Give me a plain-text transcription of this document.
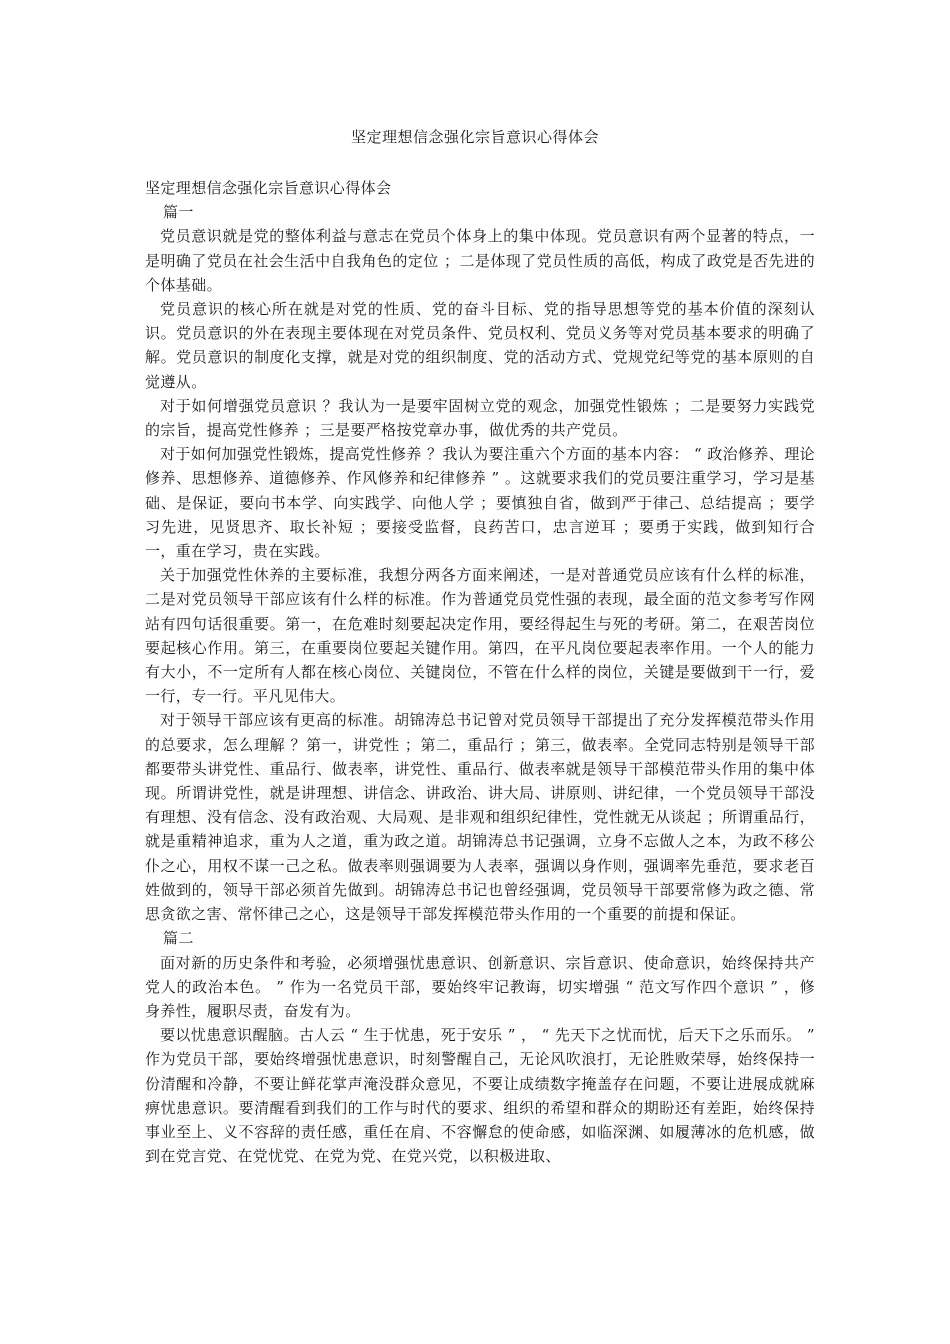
坚定理想信念强化宗旨意识心得体会

坚定理想信念强化宗旨意识心得体会

篇一

党员意识就是党的整体利益与意志在党员个体身上的集中体现。党员意识有两个显著的特点，一是明确了党员在社会生活中自我角色的定位 ；二是体现了党员性质的高低，构成了政党是否先进的个体基础。

党员意识的核心所在就是对党的性质、党的奋斗目标、党的指导思想等党的基本价值的深刻认识。党员意识的外在表现主要体现在对党员条件、党员权利、党员义务等对党员基本要求的明确了解。党员意识的制度化支撑，就是对党的组织制度、党的活动方式、党规党纪等党的基本原则的自觉遵从。

对于如何增强党员意识 ？我认为一是要牢固树立党的观念，加强党性锻炼 ；二是要努力实践党的宗旨，提高党性修养 ；三是要严格按党章办事，做优秀的共产党员。

对于如何加强党性锻炼，提高党性修养 ？我认为要注重六个方面的基本内容： “ 政治修养、理论修养、思想修养、道德修养、作风修养和纪律修养 ” 。这就要求我们的党员要注重学习，学习是基础、是保证，要向书本学、向实践学、向他人学 ；要慎独自省，做到严于律己、总结提高 ；要学习先进，见贤思齐、取长补短 ；要接受监督，良药苦口，忠言逆耳 ；要勇于实践，做到知行合一，重在学习，贵在实践。

关于加强党性休养的主要标准，我想分两各方面来阐述，一是对普通党员应该有什么样的标准，二是对党员领导干部应该有什么样的标准。作为普通党员党性强的表现，最全面的范文参考写作网站有四句话很重要。第一，在危难时刻要起决定作用，要经得起生与死的考研。第二，在艰苦岗位要起核心作用。第三，在重要岗位要起关键作用。第四，在平凡岗位要起表率作用。一个人的能力有大小，不一定所有人都在核心岗位、关键岗位，不管在什么样的岗位，关键是要做到干一行，爱一行，专一行。平凡见伟大。

对于领导干部应该有更高的标准。胡锦涛总书记曾对党员领导干部提出了充分发挥模范带头作用的总要求，怎么理解 ？第一，讲党性 ；第二，重品行 ；第三，做表率。全党同志特别是领导干部都要带头讲党性、重品行、做表率，讲党性、重品行、做表率就是领导干部模范带头作用的集中体现。所谓讲党性，就是讲理想、讲信念、讲政治、讲大局、讲原则、讲纪律，一个党员领导干部没有理想、没有信念、没有政治观、大局观、是非观和组织纪律性，党性就无从谈起 ；所谓重品行，就是重精神追求，重为人之道，重为政之道。胡锦涛总书记强调，立身不忘做人之本，为政不移公仆之心，用权不谋一己之私。做表率则强调要为人表率，强调以身作则，强调率先垂范，要求老百姓做到的，领导干部必须首先做到。胡锦涛总书记也曾经强调，党员领导干部要常修为政之德、常思贪欲之害、常怀律己之心，这是领导干部发挥模范带头作用的一个重要的前提和保证。

篇二

面对新的历史条件和考验，必须增强忧患意识、创新意识、宗旨意识、使命意识，始终保持共产党人的政治本色。 ” 作为一名党员干部，要始终牢记教诲，切实增强 “ 范文写作四个意识 ” ，修身养性，履职尽责，奋发有为。

要以忧患意识醒脑。古人云 “ 生于忧患，死于安乐 ” ， “ 先天下之忧而忧，后天下之乐而乐。 ” 作为党员干部，要始终增强忧患意识，时刻警醒自己，无论风吹浪打，无论胜败荣辱，始终保持一份清醒和冷静，不要让鲜花掌声淹没群众意见，不要让成绩数字掩盖存在问题，不要让进展成就麻痹忧患意识。要清醒看到我们的工作与时代的要求、组织的希望和群众的期盼还有差距，始终保持事业至上、义不容辞的责任感，重任在肩、不容懈怠的使命感，如临深渊、如履薄冰的危机感，做到在党言党、在党忧党、在党为党、在党兴党，以积极进取、
